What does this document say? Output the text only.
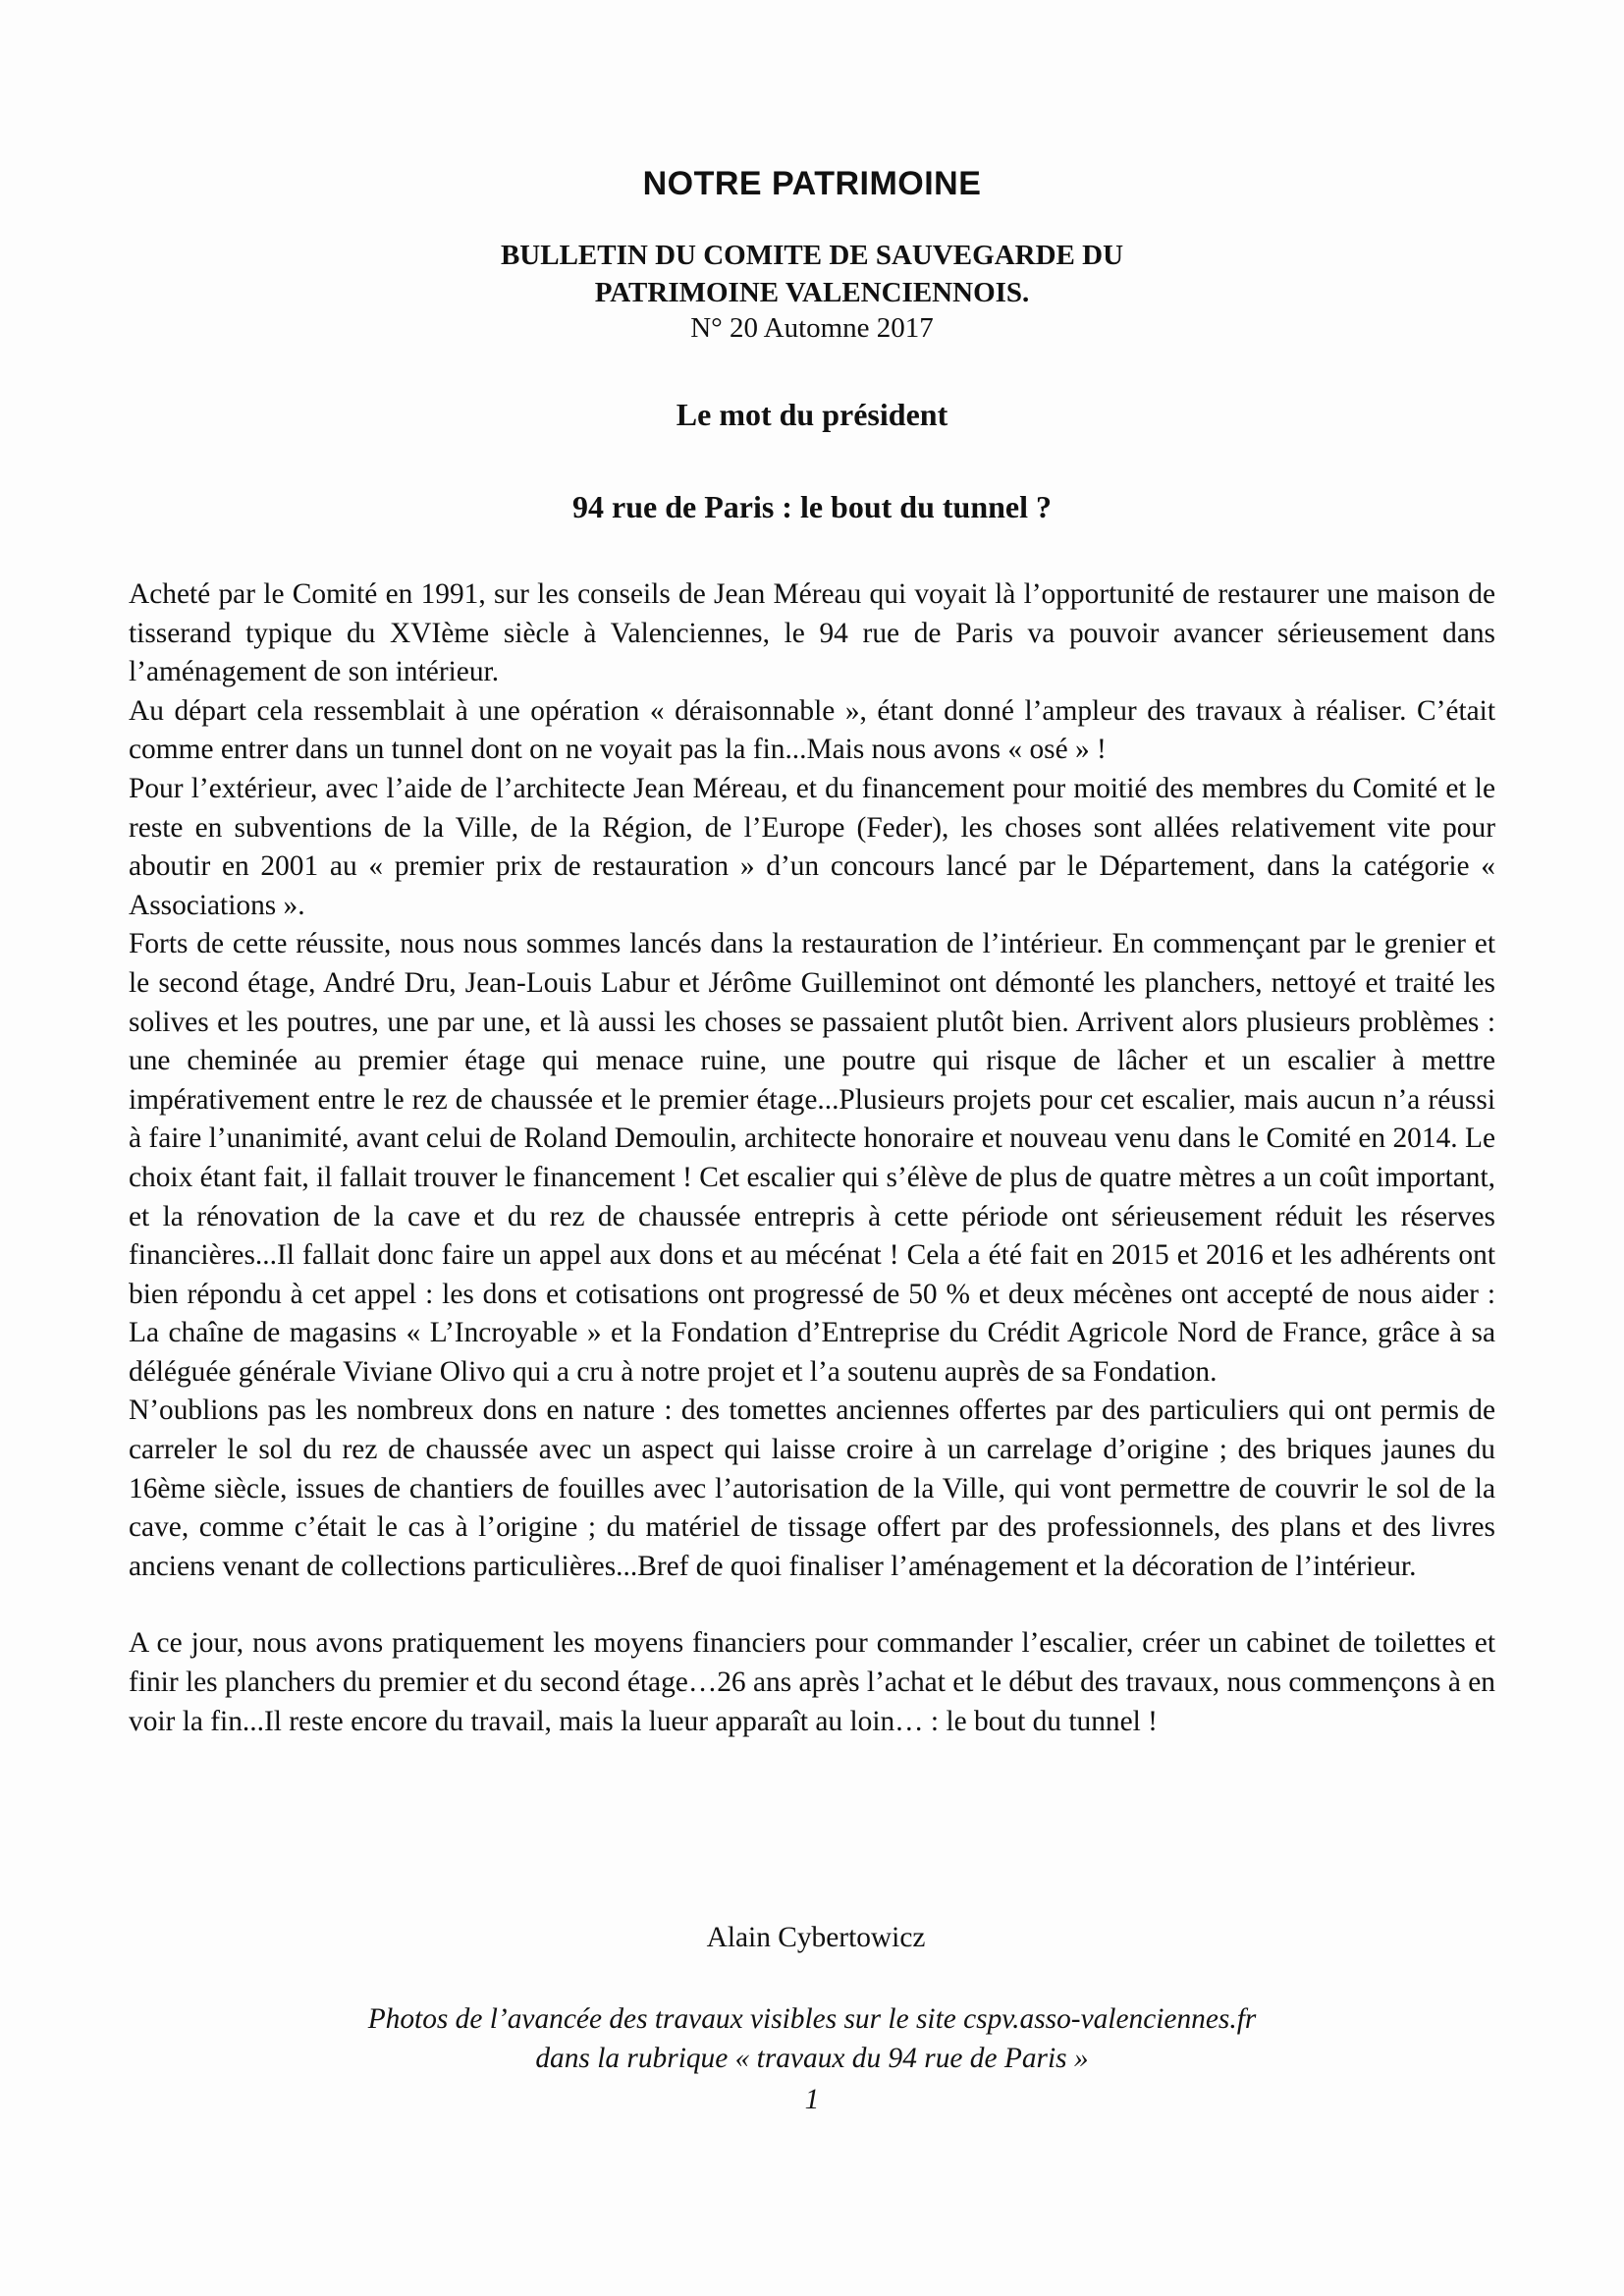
NOTRE PATRIMOINE
BULLETIN DU COMITE DE SAUVEGARDE DU
PATRIMOINE VALENCIENNOIS.
N° 20 Automne 2017
Le mot du président
94 rue de Paris : le bout du tunnel ?

Acheté par le Comité en 1991, sur les conseils de Jean Méreau qui voyait là l’opportunité de restaurer une maison de tisserand typique du XVIème siècle à Valenciennes, le 94 rue de Paris va pouvoir avancer sérieusement dans l’aménagement de son intérieur.

Au départ cela ressemblait à une opération « déraisonnable », étant donné l’ampleur des travaux à réaliser. C’était comme entrer dans un tunnel dont on ne voyait pas la fin...Mais nous avons « osé » !

Pour l’extérieur, avec l’aide de l’architecte Jean Méreau, et du financement pour moitié des membres du Comité et le reste en subventions de la Ville, de la Région, de l’Europe (Feder), les choses sont allées relativement vite pour aboutir en 2001 au « premier prix de restauration » d’un concours lancé par le Département, dans la catégorie « Associations ».

Forts de cette réussite, nous nous sommes lancés dans la restauration de l’intérieur. En commençant par le grenier et le second étage, André Dru, Jean-Louis Labur et Jérôme Guilleminot ont démonté les planchers, nettoyé et traité les solives et les poutres, une par une, et là aussi les choses se passaient plutôt bien. Arrivent alors plusieurs problèmes : une cheminée au premier étage qui menace ruine, une poutre qui risque de lâcher et un escalier à mettre impérativement entre le rez de chaussée et le premier étage...Plusieurs projets pour cet escalier, mais aucun n’a réussi à faire l’unanimité, avant celui de Roland Demoulin, architecte honoraire et nouveau venu dans le Comité en 2014. Le choix étant fait, il fallait trouver le financement ! Cet escalier qui s’élève de plus de quatre mètres a un coût important, et la rénovation de la cave et du rez de chaussée entrepris à cette période ont sérieusement réduit les réserves financières...Il fallait donc faire un appel aux dons et au mécénat ! Cela a été fait en 2015 et 2016 et les adhérents ont bien répondu à cet appel : les dons et cotisations ont progressé de 50 % et deux mécènes ont accepté de nous aider : La chaîne de magasins « L’Incroyable » et la Fondation d’Entreprise du Crédit Agricole Nord de France, grâce à sa déléguée générale Viviane Olivo qui a cru à notre projet et l’a soutenu auprès de sa Fondation.

N’oublions pas les nombreux dons en nature : des tomettes anciennes offertes par des particuliers qui ont permis de carreler le sol du rez de chaussée avec un aspect qui laisse croire à un carrelage d’origine ; des briques jaunes du 16ème siècle, issues de chantiers de fouilles avec l’autorisation de la Ville, qui vont permettre de couvrir le sol de la cave, comme c’était le cas à l’origine ; du matériel de tissage offert par des professionnels, des plans et des livres anciens venant de collections particulières...Bref de quoi finaliser l’aménagement et la décoration de l’intérieur.

A ce jour, nous avons pratiquement les moyens financiers pour commander l’escalier, créer un cabinet de toilettes et finir les planchers du premier et du second étage…26 ans après l’achat et le début des travaux, nous commençons à en voir la fin...Il reste encore du travail, mais la lueur apparaît au loin… : le bout du tunnel !

Alain Cybertowicz
Photos de l’avancée des travaux visibles sur le site cspv.asso-valenciennes.fr
dans la rubrique « travaux du 94 rue de Paris »
1
